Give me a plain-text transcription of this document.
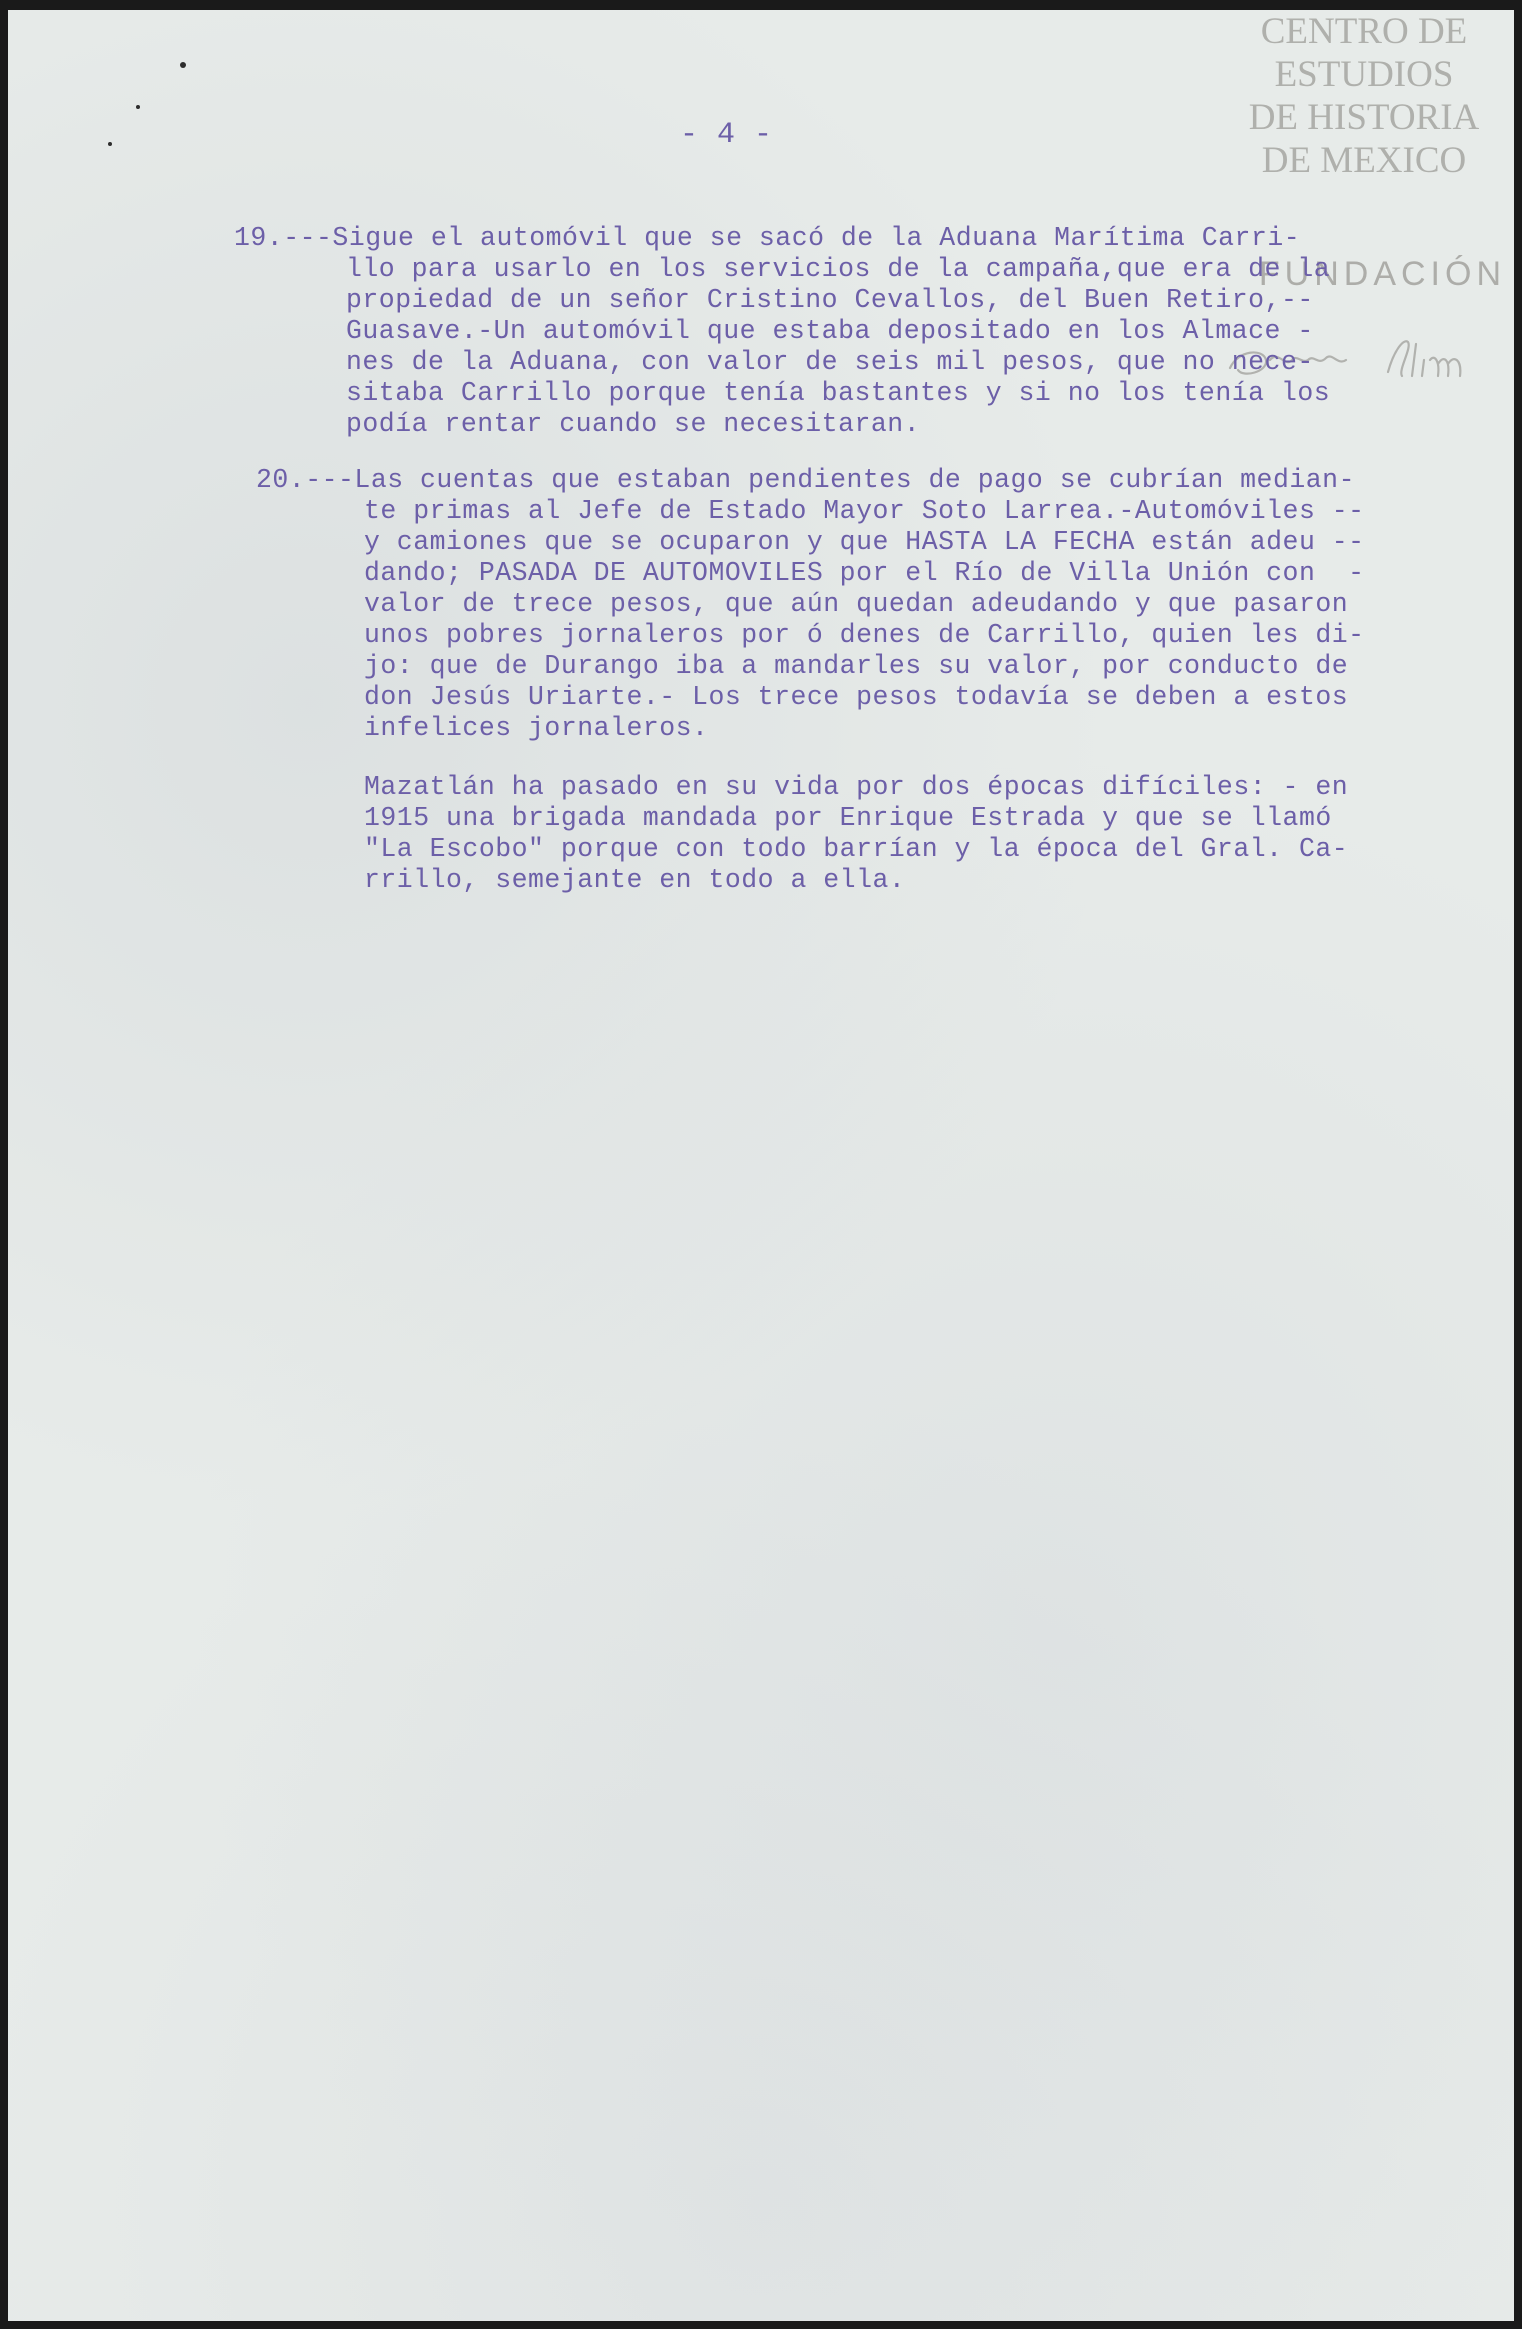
CENTRO DE
ESTUDIOS
DE HISTORIA
DE MEXICO
FUNDACIÓN
- 4 -
19.---Sigue el automóvil que se sacó de la Aduana Marítima Carri-
llo para usarlo en los servicios de la campaña,que era de la
propiedad de un señor Cristino Cevallos, del Buen Retiro,--
Guasave.-Un automóvil que estaba depositado en los Almace -
nes de la Aduana, con valor de seis mil pesos, que no nece-
sitaba Carrillo porque tenía bastantes y si no los tenía los
podía rentar cuando se necesitaran.
20.---Las cuentas que estaban pendientes de pago se cubrían median-
te primas al Jefe de Estado Mayor Soto Larrea.-Automóviles --
y camiones que se ocuparon y que HASTA LA FECHA están adeu --
dando; PASADA DE AUTOMOVILES por el Río de Villa Unión con  -
valor de trece pesos, que aún quedan adeudando y que pasaron
unos pobres jornaleros por ó denes de Carrillo, quien les di-
jo: que de Durango iba a mandarles su valor, por conducto de
don Jesús Uriarte.- Los trece pesos todavía se deben a estos
infelices jornaleros.
Mazatlán ha pasado en su vida por dos épocas difíciles: - en
1915 una brigada mandada por Enrique Estrada y que se llamó
"La Escobo" porque con todo barrían y la época del Gral. Ca-
rrillo, semejante en todo a ella.
